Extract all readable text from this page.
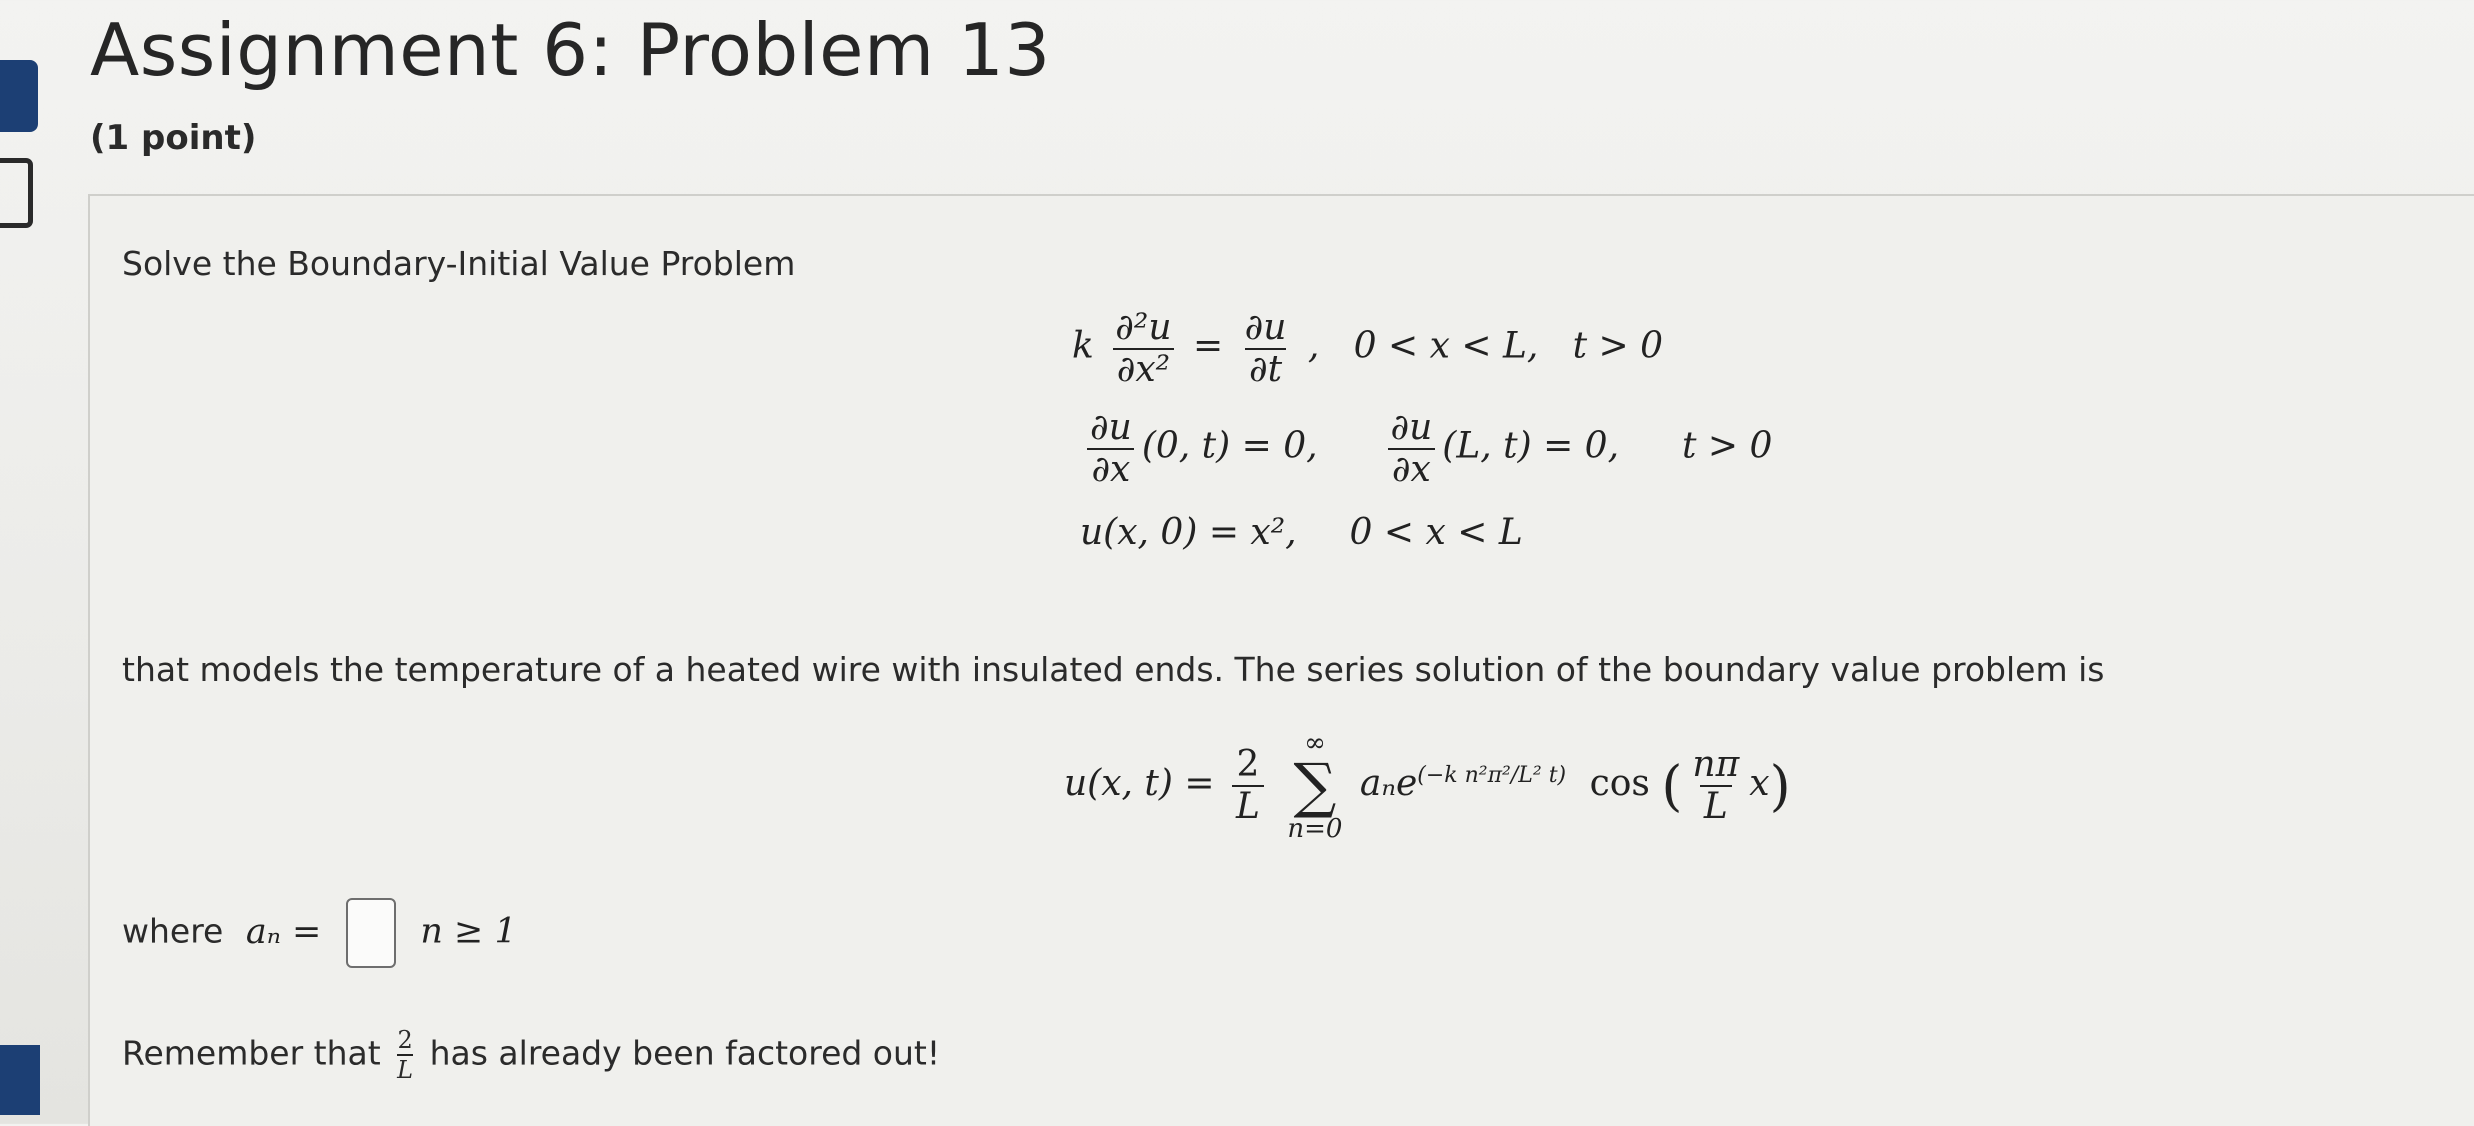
Assignment 6: Problem 13
(1 point)
Solve the Boundary-Initial Value Problem
k $\frac{\text{∂²u}}{\text{∂x²}} = \frac{\partial u}{\partial t}$ ,   0 < x < L,   t > 0
$\frac{\partial u}{\partial x} (0$, t) = 0, $\frac{\partial u}{\partial x} (L$, t) = 0, t > 0
u(x, 0) = x², 0 < x < L
that models the temperature of a heated wire with insulated ends. The series solution of the boundary value problem is
u(x, $t) = \frac{2}{L}$

∞
∑
n=0
aₙe$^{(-k n^2\pi^2/L^2 t)}$ cos ( $\frac{n\pi}{L} x$)
where aₙ =	n ≥ 1
Remember that $\frac{2}{L}$ has already been factored out!
